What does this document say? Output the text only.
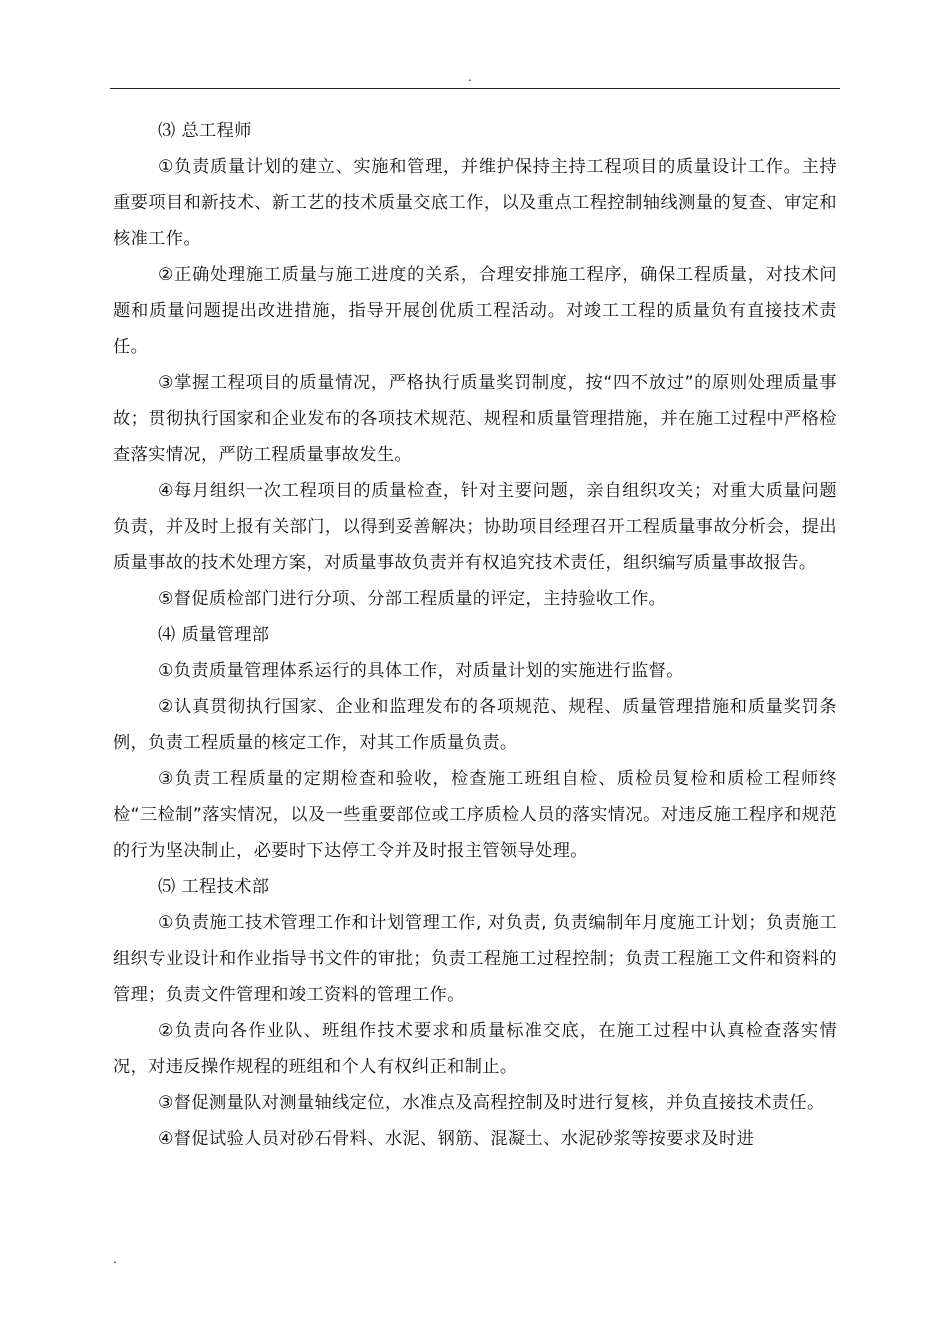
.

⑶ 总工程师

①负责质量计划的建立、实施和管理，并维护保持主持工程项目的质量设计工作。主持重要项目和新技术、新工艺的技术质量交底工作，以及重点工程控制轴线测量的复查、审定和核准工作。

②正确处理施工质量与施工进度的关系，合理安排施工程序，确保工程质量，对技术问题和质量问题提出改进措施，指导开展创优质工程活动。对竣工工程的质量负有直接技术责任。

③掌握工程项目的质量情况，严格执行质量奖罚制度，按“四不放过”的原则处理质量事故；贯彻执行国家和企业发布的各项技术规范、规程和质量管理措施，并在施工过程中严格检查落实情况，严防工程质量事故发生。

④每月组织一次工程项目的质量检查，针对主要问题，亲自组织攻关；对重大质量问题负责，并及时上报有关部门，以得到妥善解决；协助项目经理召开工程质量事故分析会，提出质量事故的技术处理方案，对质量事故负责并有权追究技术责任，组织编写质量事故报告。

⑤督促质检部门进行分项、分部工程质量的评定，主持验收工作。

⑷ 质量管理部

①负责质量管理体系运行的具体工作，对质量计划的实施进行监督。

②认真贯彻执行国家、企业和监理发布的各项规范、规程、质量管理措施和质量奖罚条例，负责工程质量的核定工作，对其工作质量负责。

③负责工程质量的定期检查和验收，检查施工班组自检、质检员复检和质检工程师终检“三检制”落实情况，以及一些重要部位或工序质检人员的落实情况。对违反施工程序和规范的行为坚决制止，必要时下达停工令并及时报主管领导处理。

⑸ 工程技术部

①负责施工技术管理工作和计划管理工作, 对负责, 负责编制年月度施工计划；负责施工组织专业设计和作业指导书文件的审批；负责工程施工过程控制；负责工程施工文件和资料的管理；负责文件管理和竣工资料的管理工作。

②负责向各作业队、班组作技术要求和质量标准交底，在施工过程中认真检查落实情况，对违反操作规程的班组和个人有权纠正和制止。

③督促测量队对测量轴线定位，水准点及高程控制及时进行复核，并负直接技术责任。

④督促试验人员对砂石骨料、水泥、钢筋、混凝土、水泥砂浆等按要求及时进

.
